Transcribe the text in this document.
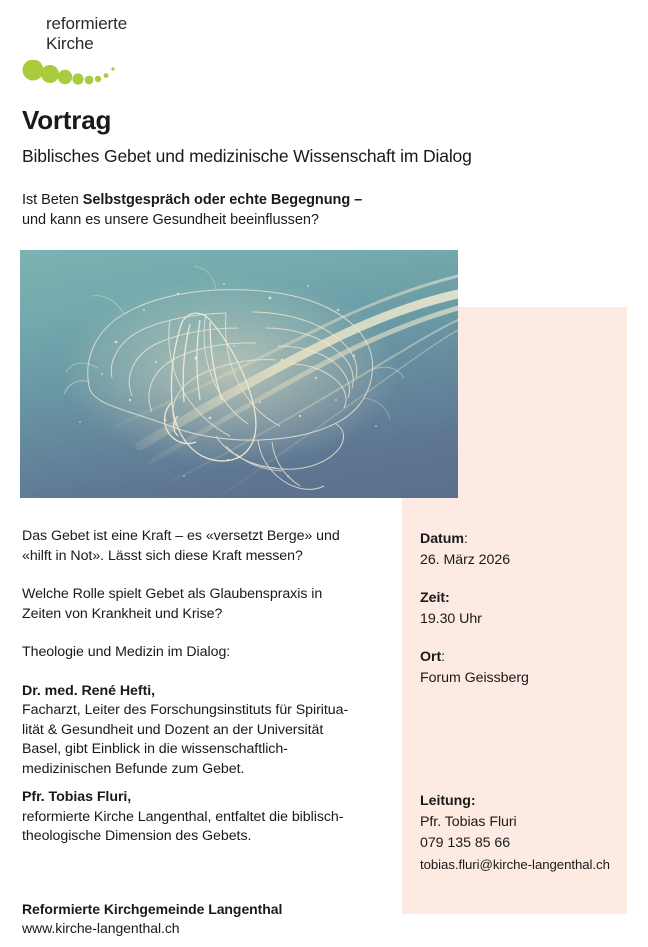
Datum:
26. März 2026
Zeit:
19.30 Uhr
Ort:
Forum Geissberg
Leitung:
Pfr. Tobias Fluri
079 135 85 66
tobias.fluri@kirche-langenthal.ch
reformierte
Kirche
Vortrag
Biblisches Gebet und medizinische Wissenschaft im Dialog
Ist Beten Selbstgespräch oder echte Begegnung –
und kann es unsere Gesundheit beeinflussen?

Das Gebet ist eine Kraft – es «versetzt Berge» und
«hilft in Not». Lässt sich diese Kraft messen?

Welche Rolle spielt Gebet als Glaubenspraxis in
Zeiten von Krankheit und Krise?

Theologie und Medizin im Dialog:

Dr. med. René Hefti,

Facharzt, Leiter des Forschungsinstituts für Spiritua-
lität & Gesundheit und Dozent an der Universität
Basel, gibt Einblick in die wissenschaftlich-
medizinischen Befunde zum Gebet.

Pfr. Tobias Fluri,

reformierte Kirche Langenthal, entfaltet die biblisch-
theologische Dimension des Gebets.

Reformierte Kirchgemeinde Langenthal
www.kirche-langenthal.ch
